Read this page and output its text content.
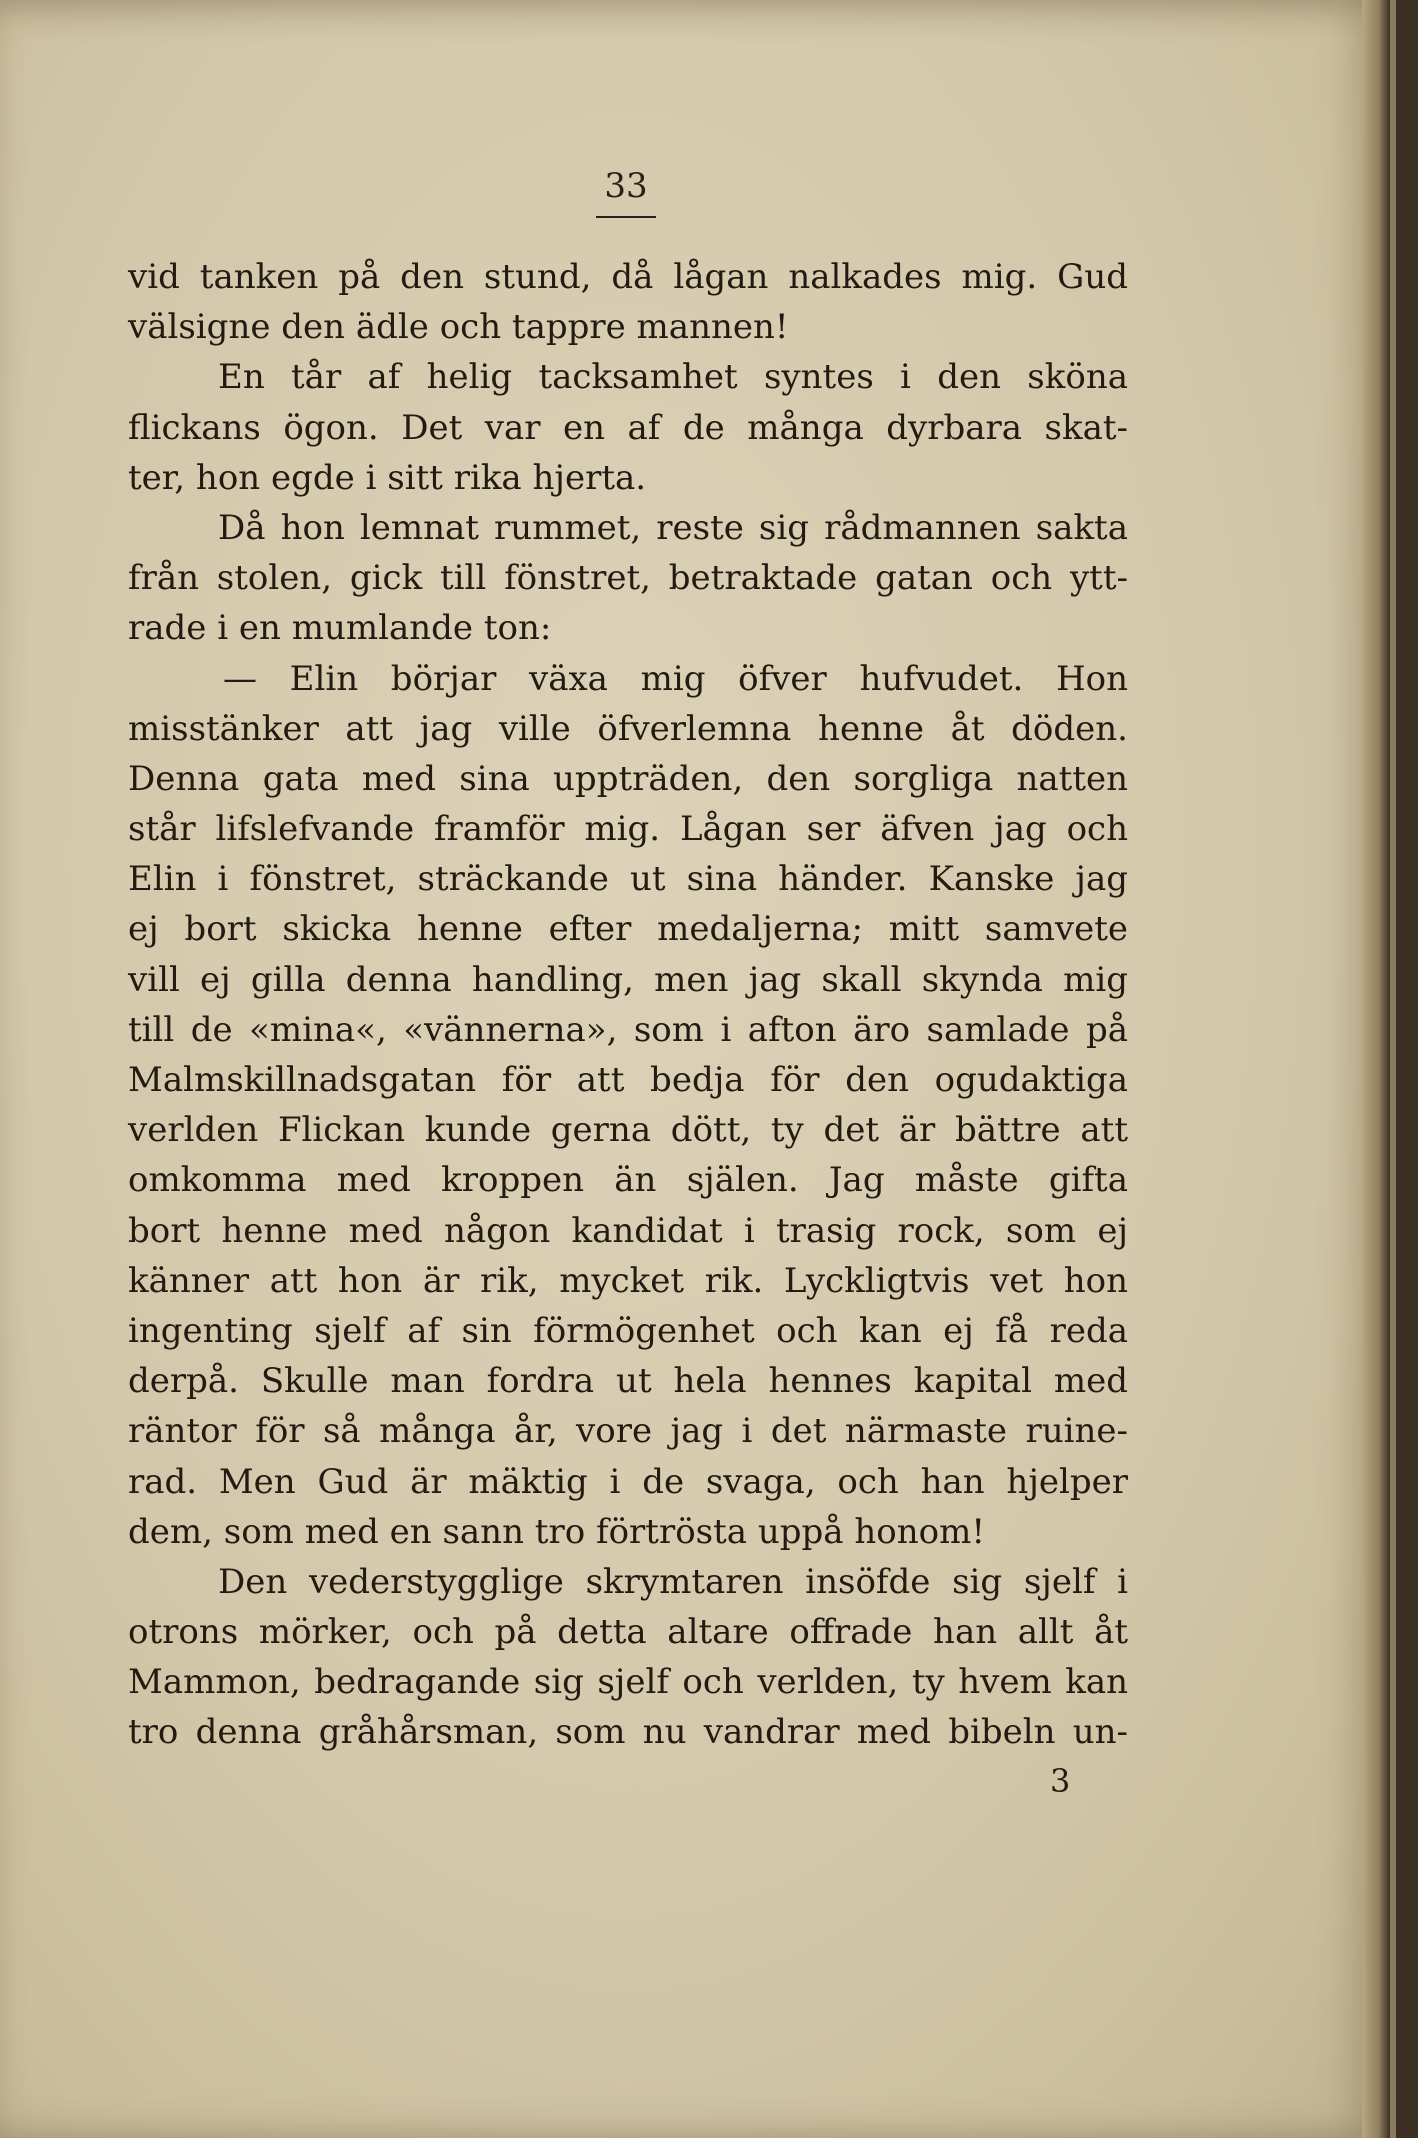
33
vid tanken på den stund, då lågan nalkades mig. Gud
välsigne den ädle och tappre mannen!
En tår af helig tacksamhet syntes i den sköna
flickans ögon. Det var en af de många dyrbara skat-
ter, hon egde i sitt rika hjerta.
Då hon lemnat rummet, reste sig rådmannen sakta
från stolen, gick till fönstret, betraktade gatan och ytt-
rade i en mumlande ton:
— Elin börjar växa mig öfver hufvudet. Hon
misstänker att jag ville öfverlemna henne åt döden.
Denna gata med sina uppträden, den sorgliga natten
står lifslefvande framför mig. Lågan ser äfven jag och
Elin i fönstret, sträckande ut sina händer. Kanske jag
ej bort skicka henne efter medaljerna; mitt samvete
vill ej gilla denna handling, men jag skall skynda mig
till de «mina«, «vännerna», som i afton äro samlade på
Malmskillnadsgatan för att bedja för den ogudaktiga
verlden Flickan kunde gerna dött, ty det är bättre att
omkomma med kroppen än själen. Jag måste gifta
bort henne med någon kandidat i trasig rock, som ej
känner att hon är rik, mycket rik. Lyckligtvis vet hon
ingenting sjelf af sin förmögenhet och kan ej få reda
derpå. Skulle man fordra ut hela hennes kapital med
räntor för så många år, vore jag i det närmaste ruine-
rad. Men Gud är mäktig i de svaga, och han hjelper
dem, som med en sann tro förtrösta uppå honom!
Den vederstygglige skrymtaren insöfde sig sjelf i
otrons mörker, och på detta altare offrade han allt åt
Mammon, bedragande sig sjelf och verlden, ty hvem kan
tro denna gråhårsman, som nu vandrar med bibeln un-
3
